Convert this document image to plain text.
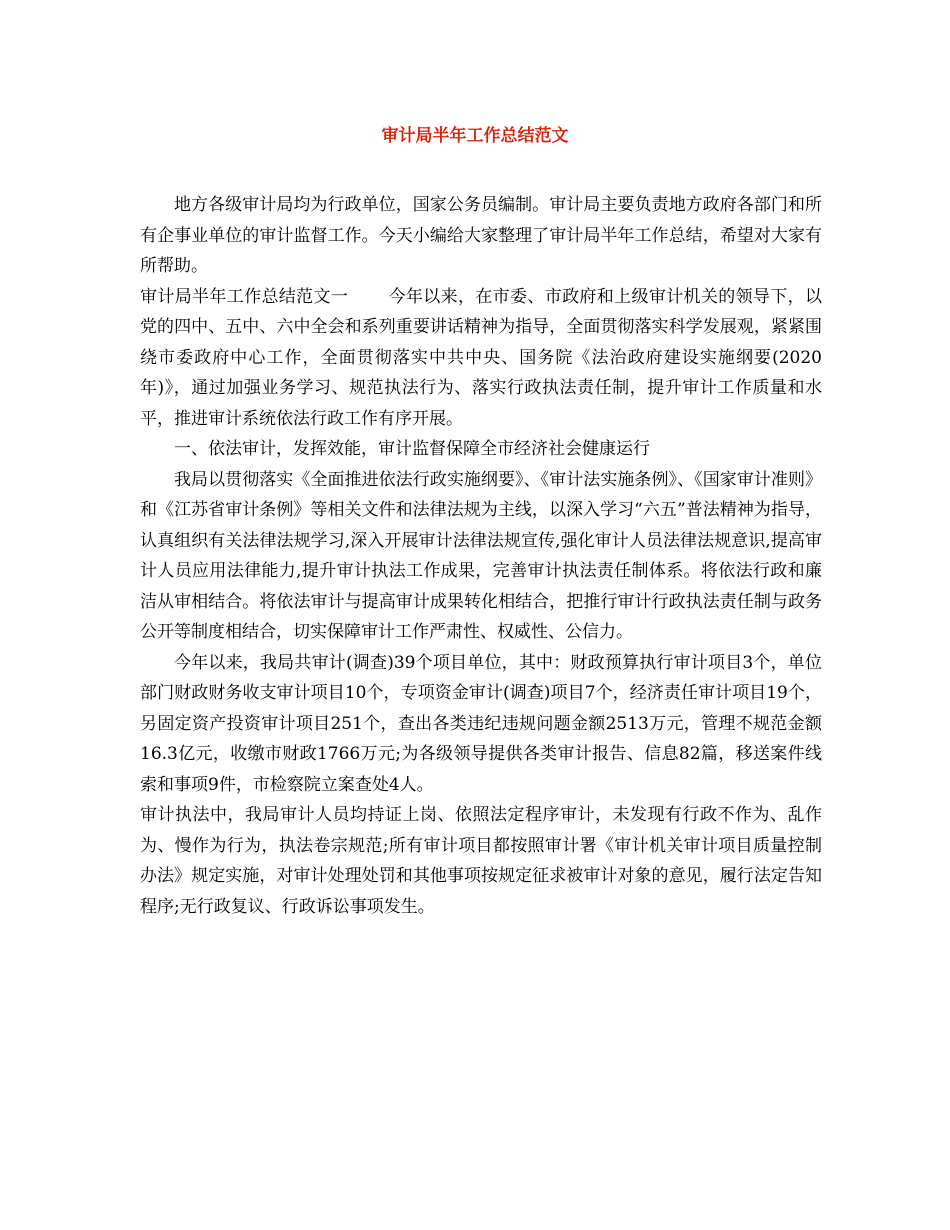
审计局半年工作总结范文

地方各级审计局均为行政单位，国家公务员编制。审计局主要负责地方政府各部门和所有企事业单位的审计监督工作。今天小编给大家整理了审计局半年工作总结，希望对大家有所帮助。

审计局半年工作总结范文一 今年以来，在市委、市政府和上级审计机关的领导下，以党的四中、五中、六中全会和系列重要讲话精神为指导，全面贯彻落实科学发展观，紧紧围绕市委政府中心工作，全面贯彻落实中共中央、国务院《法治政府建设实施纲要(2020年)》，通过加强业务学习、规范执法行为、落实行政执法责任制，提升审计工作质量和水平，推进审计系统依法行政工作有序开展。

一、依法审计，发挥效能，审计监督保障全市经济社会健康运行

我局以贯彻落实《全面推进依法行政实施纲要》、《审计法实施条例》、《国家审计准则》和《江苏省审计条例》等相关文件和法律法规为主线，以深入学习“六五”普法精神为指导，认真组织有关法律法规学习,深入开展审计法律法规宣传,强化审计人员法律法规意识,提高审计人员应用法律能力,提升审计执法工作成果，完善审计执法责任制体系。将依法行政和廉洁从审相结合。将依法审计与提高审计成果转化相结合，把推行审计行政执法责任制与政务公开等制度相结合，切实保障审计工作严肃性、权威性、公信力。

今年以来，我局共审计(调查)39个项目单位，其中：财政预算执行审计项目3个，单位部门财政财务收支审计项目10个，专项资金审计(调查)项目7个，经济责任审计项目19个，另固定资产投资审计项目251个，查出各类违纪违规问题金额2513万元，管理不规范金额16.3亿元，收缴市财政1766万元;为各级领导提供各类审计报告、信息82篇，移送案件线索和事项9件，市检察院立案查处4人。

审计执法中，我局审计人员均持证上岗、依照法定程序审计，未发现有行政不作为、乱作为、慢作为行为，执法卷宗规范;所有审计项目都按照审计署《审计机关审计项目质量控制办法》规定实施，对审计处理处罚和其他事项按规定征求被审计对象的意见，履行法定告知程序;无行政复议、行政诉讼事项发生。
